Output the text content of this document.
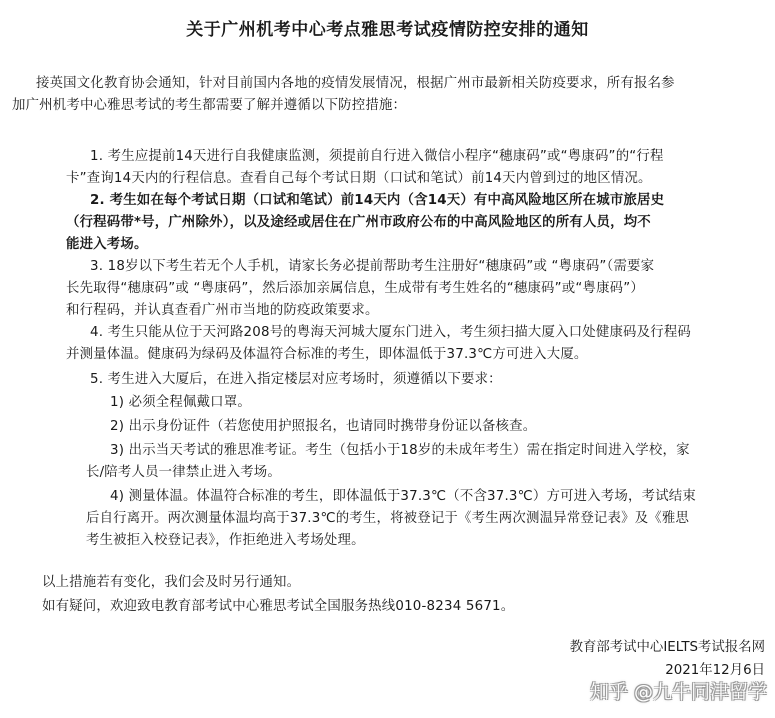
关于广州机考中心考点雅思考试疫情防控安排的通知
接英国文化教育协会通知，针对目前国内各地的疫情发展情况，根据广州市最新相关防疫要求，所有报名参
加广州机考中心雅思考试的考生都需要了解并遵循以下防控措施：
1. 考生应提前14天进行自我健康监测，须提前自行进入微信小程序“穗康码”或“粤康码”的“行程
卡”查询14天内的行程信息。查看自己每个考试日期（口试和笔试）前14天内曾到过的地区情况。
2. 考生如在每个考试日期（口试和笔试）前14天内（含14天）有中高风险地区所在城市旅居史
（行程码带*号，广州除外），以及途经或居住在广州市政府公布的中高风险地区的所有人员，均不
能进入考场。
3. 18岁以下考生若无个人手机，请家长务必提前帮助考生注册好“穗康码”或 “粤康码”（需要家
长先取得“穗康码”或 “粤康码”，然后添加亲属信息，生成带有考生姓名的“穗康码”或“粤康码”）
和行程码，并认真查看广州市当地的防疫政策要求。
4. 考生只能从位于天河路208号的粤海天河城大厦东门进入，考生须扫描大厦入口处健康码及行程码
并测量体温。健康码为绿码及体温符合标准的考生，即体温低于37.3℃方可进入大厦。
5. 考生进入大厦后，在进入指定楼层对应考场时，须遵循以下要求：
1) 必须全程佩戴口罩。
2) 出示身份证件（若您使用护照报名，也请同时携带身份证以备核查。
3) 出示当天考试的雅思准考证。考生（包括小于18岁的未成年考生）需在指定时间进入学校，家
长/陪考人员一律禁止进入考场。
4) 测量体温。体温符合标准的考生，即体温低于37.3℃（不含37.3℃）方可进入考场，考试结束
后自行离开。两次测量体温均高于37.3℃的考生，将被登记于《考生两次测温异常登记表》及《雅思
考生被拒入校登记表》，作拒绝进入考场处理。
以上措施若有变化，我们会及时另行通知。
如有疑问，欢迎致电教育部考试中心雅思考试全国服务热线010-8234 5671。
教育部考试中心IELTS考试报名网
2021年12月6日
知乎 @九牛同津留学
